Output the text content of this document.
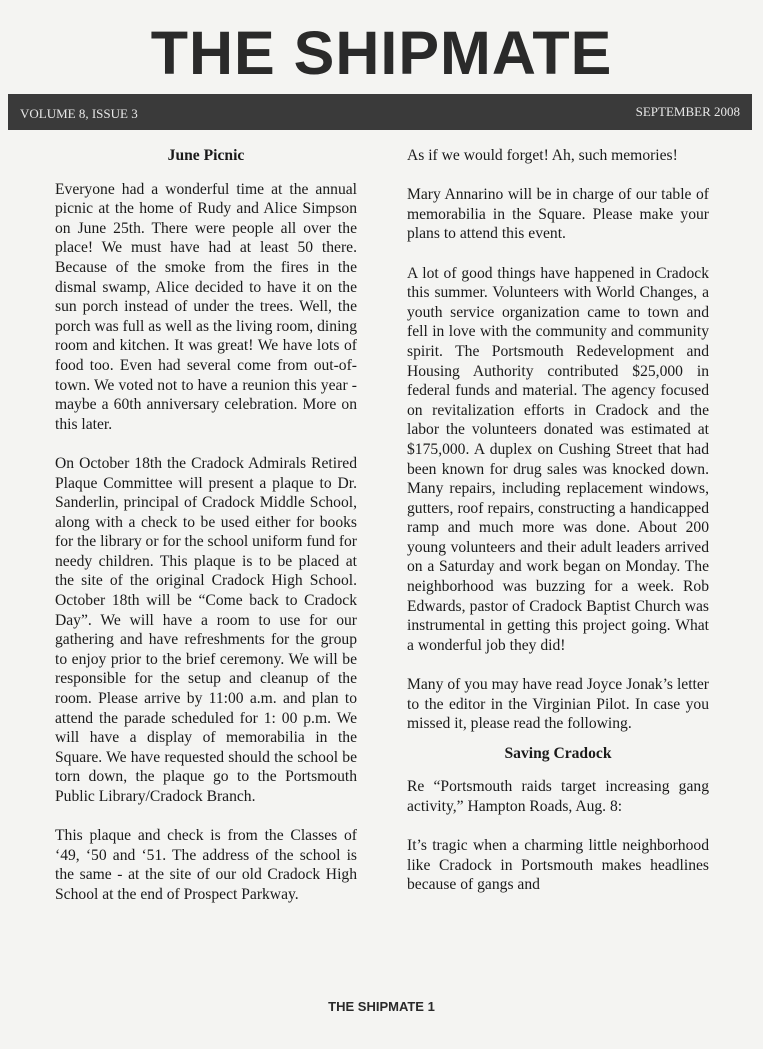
THE SHIPMATE
VOLUME 8, ISSUE 3	SEPTEMBER 2008
June Picnic

Everyone had a wonderful time at the annual picnic at the home of Rudy and Alice Simpson on June 25th. There were people all over the place! We must have had at least 50 there. Because of the smoke from the fires in the dismal swamp, Alice decided to have it on the sun porch instead of under the trees. Well, the porch was full as well as the living room, dining room and kitchen. It was great! We have lots of food too. Even had several come from out-of-town. We voted not to have a reunion this year - maybe a 60th anniversary celebration. More on this later.

On October 18th the Cradock Admirals Retired Plaque Committee will present a plaque to Dr. Sanderlin, principal of Cradock Middle School, along with a check to be used either for books for the library or for the school uniform fund for needy children. This plaque is to be placed at the site of the original Cradock High School. October 18th will be “Come back to Cradock Day”. We will have a room to use for our gathering and have refreshments for the group to enjoy prior to the brief ceremony. We will be responsible for the setup and cleanup of the room. Please arrive by 11:00 a.m. and plan to attend the parade scheduled for 1: 00 p.m. We will have a display of memorabilia in the Square. We have requested should the school be torn down, the plaque go to the Portsmouth Public Library/Cradock Branch.

This plaque and check is from the Classes of ‘49, ‘50 and ‘51. The address of the school is the same - at the site of our old Cradock High School at the end of Prospect Parkway.

As if we would forget! Ah, such memories!

Mary Annarino will be in charge of our table of memorabilia in the Square. Please make your plans to attend this event.

A lot of good things have happened in Cradock this summer. Volunteers with World Changes, a youth service organization came to town and fell in love with the community and community spirit. The Portsmouth Redevelopment and Housing Authority contributed $25,000 in federal funds and material. The agency focused on revitalization efforts in Cradock and the labor the volunteers donated was estimated at $175,000. A duplex on Cushing Street that had been known for drug sales was knocked down. Many repairs, including replacement windows, gutters, roof repairs, constructing a handicapped ramp and much more was done. About 200 young volunteers and their adult leaders arrived on a Saturday and work began on Monday. The neighborhood was buzzing for a week. Rob Edwards, pastor of Cradock Baptist Church was instrumental in getting this project going. What a wonderful job they did!

Many of you may have read Joyce Jonak’s letter to the editor in the Virginian Pilot. In case you missed it, please read the following.

Saving Cradock

Re “Portsmouth raids target increasing gang activity,” Hampton Roads, Aug. 8:

It’s tragic when a charming little neighborhood like Cradock in Portsmouth makes headlines because of gangs and

THE SHIPMATE 1
